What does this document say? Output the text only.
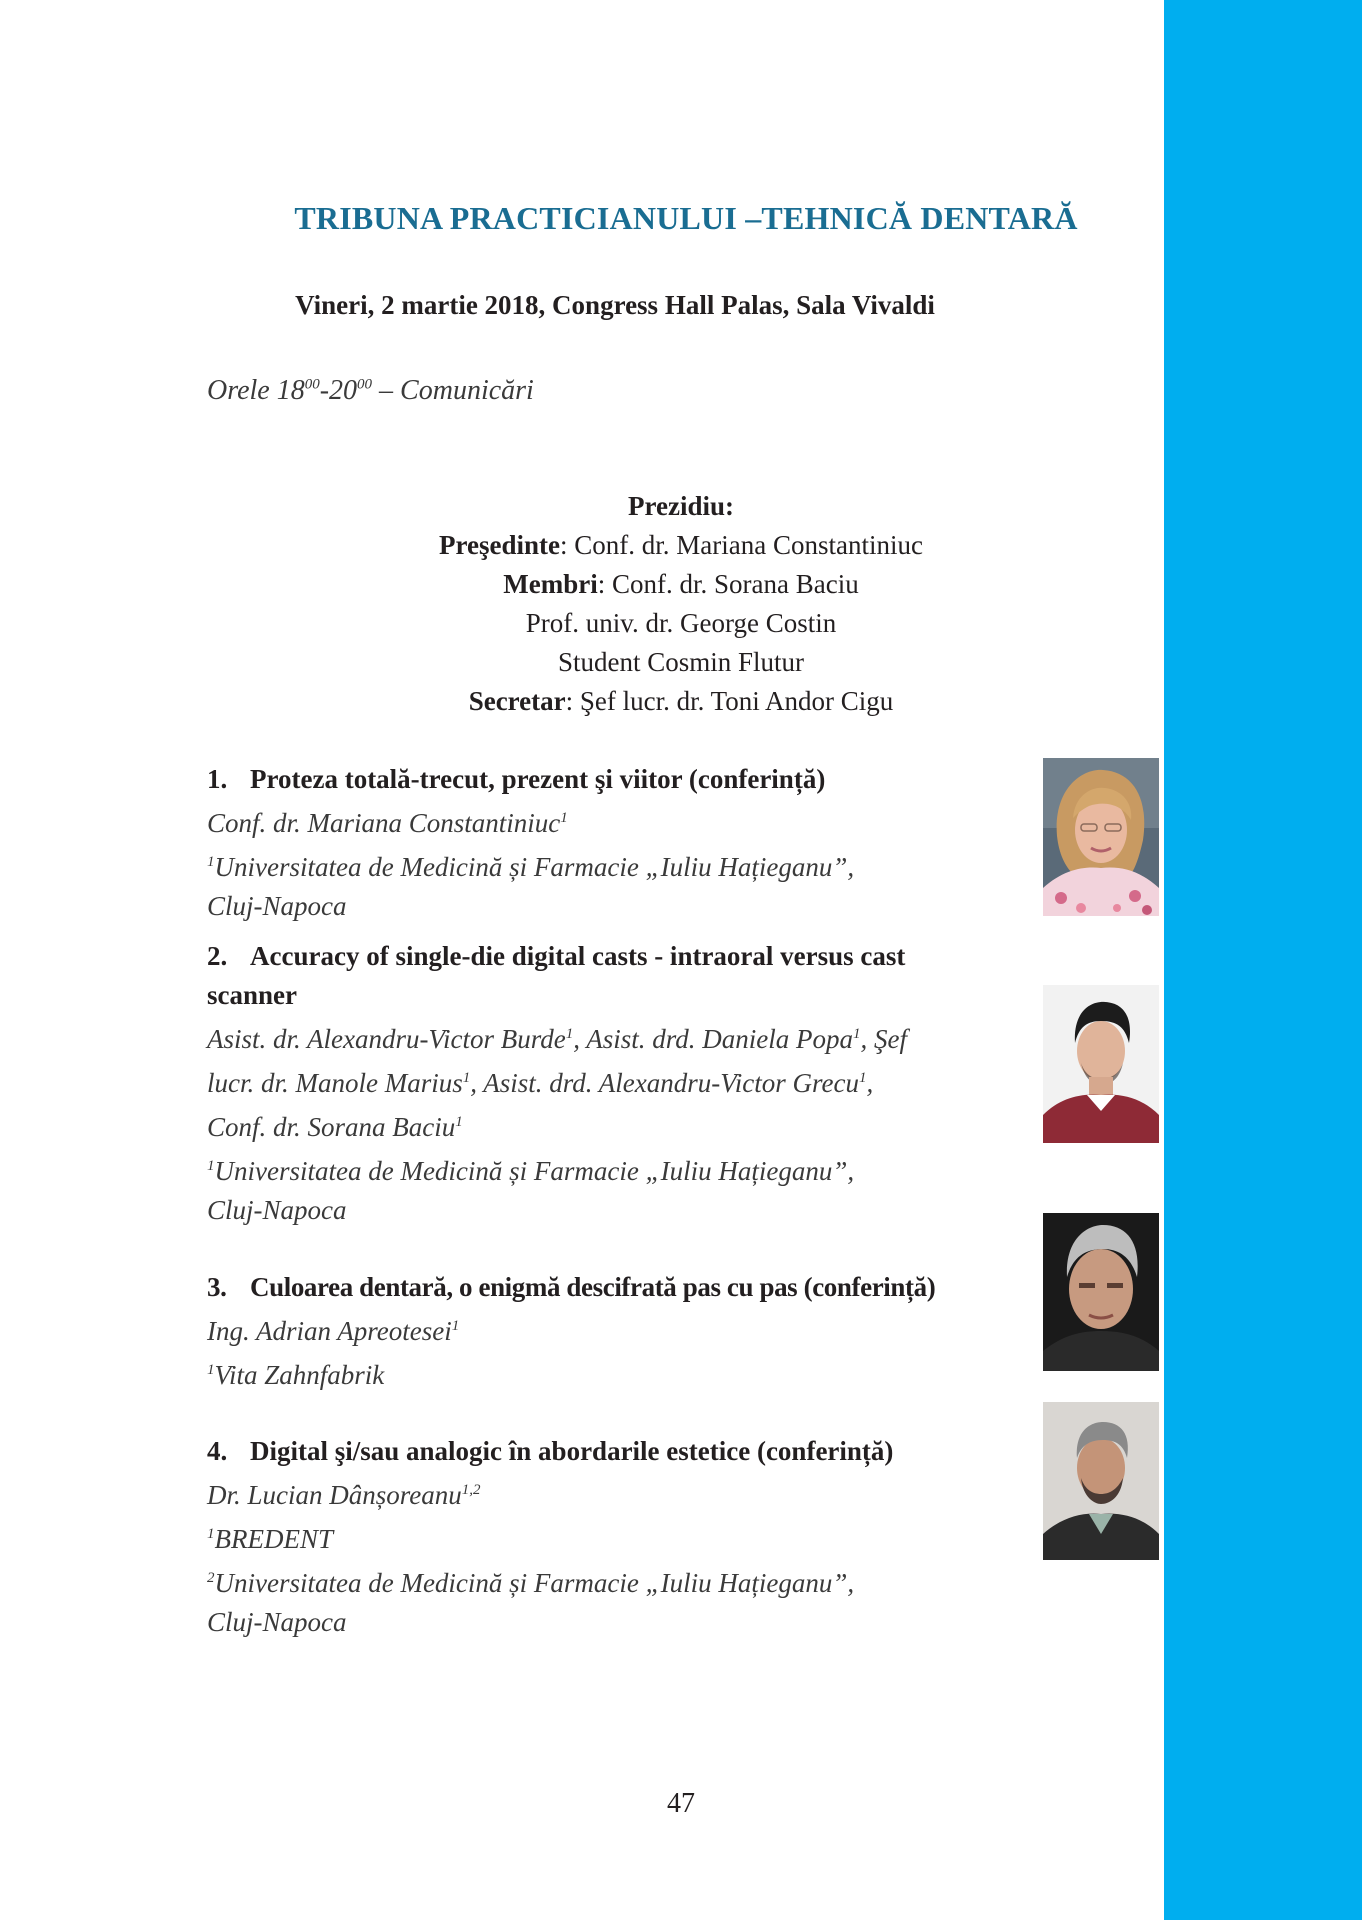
TRIBUNA PRACTICIANULUI –TEHNICĂ DENTARĂ

Vineri, 2 martie 2018, Congress Hall Palas, Sala Vivaldi

Orele $18^{00}-20^{00}$ – Comunicări

Prezidiu:
Preşedinte: Conf. dr. Mariana Constantiniuc
Membri: Conf. dr. Sorana Baciu
Prof. univ. dr. George Costin
Student Cosmin Flutur
Secretar: Şef lucr. dr. Toni Andor Cigu
1. Proteza totală-trecut, prezent şi viitor (conferință)
Conf. dr. Mariana Constantiniuc$^1$
$^1$Universitatea de Medicină și Farmacie „Iuliu Hațieganu”,
Cluj-Napoca
2. Accuracy of single-die digital casts - intraoral versus cast
scanner
Asist. dr. Alexandru-Victor Burde$^1$, Asist. drd. Daniela Popa$^1$, Şef
lucr. dr. Manole Marius$^1$, Asist. drd. Alexandru-Victor Grecu$^1$,
Conf. dr. Sorana Baciu$^1$
$^1$Universitatea de Medicină și Farmacie „Iuliu Hațieganu”,
Cluj-Napoca
3. Culoarea dentară, o enigmă descifrată pas cu pas (conferință)
Ing. Adrian Apreotesei$^1$
$^1$Vita Zahnfabrik
4. Digital şi/sau analogic în abordarile estetice (conferință)
Dr. Lucian Dânșoreanu$^{1,2}$
$^1$BREDENT
$^2$Universitatea de Medicină și Farmacie „Iuliu Hațieganu”,
Cluj-Napoca

47
